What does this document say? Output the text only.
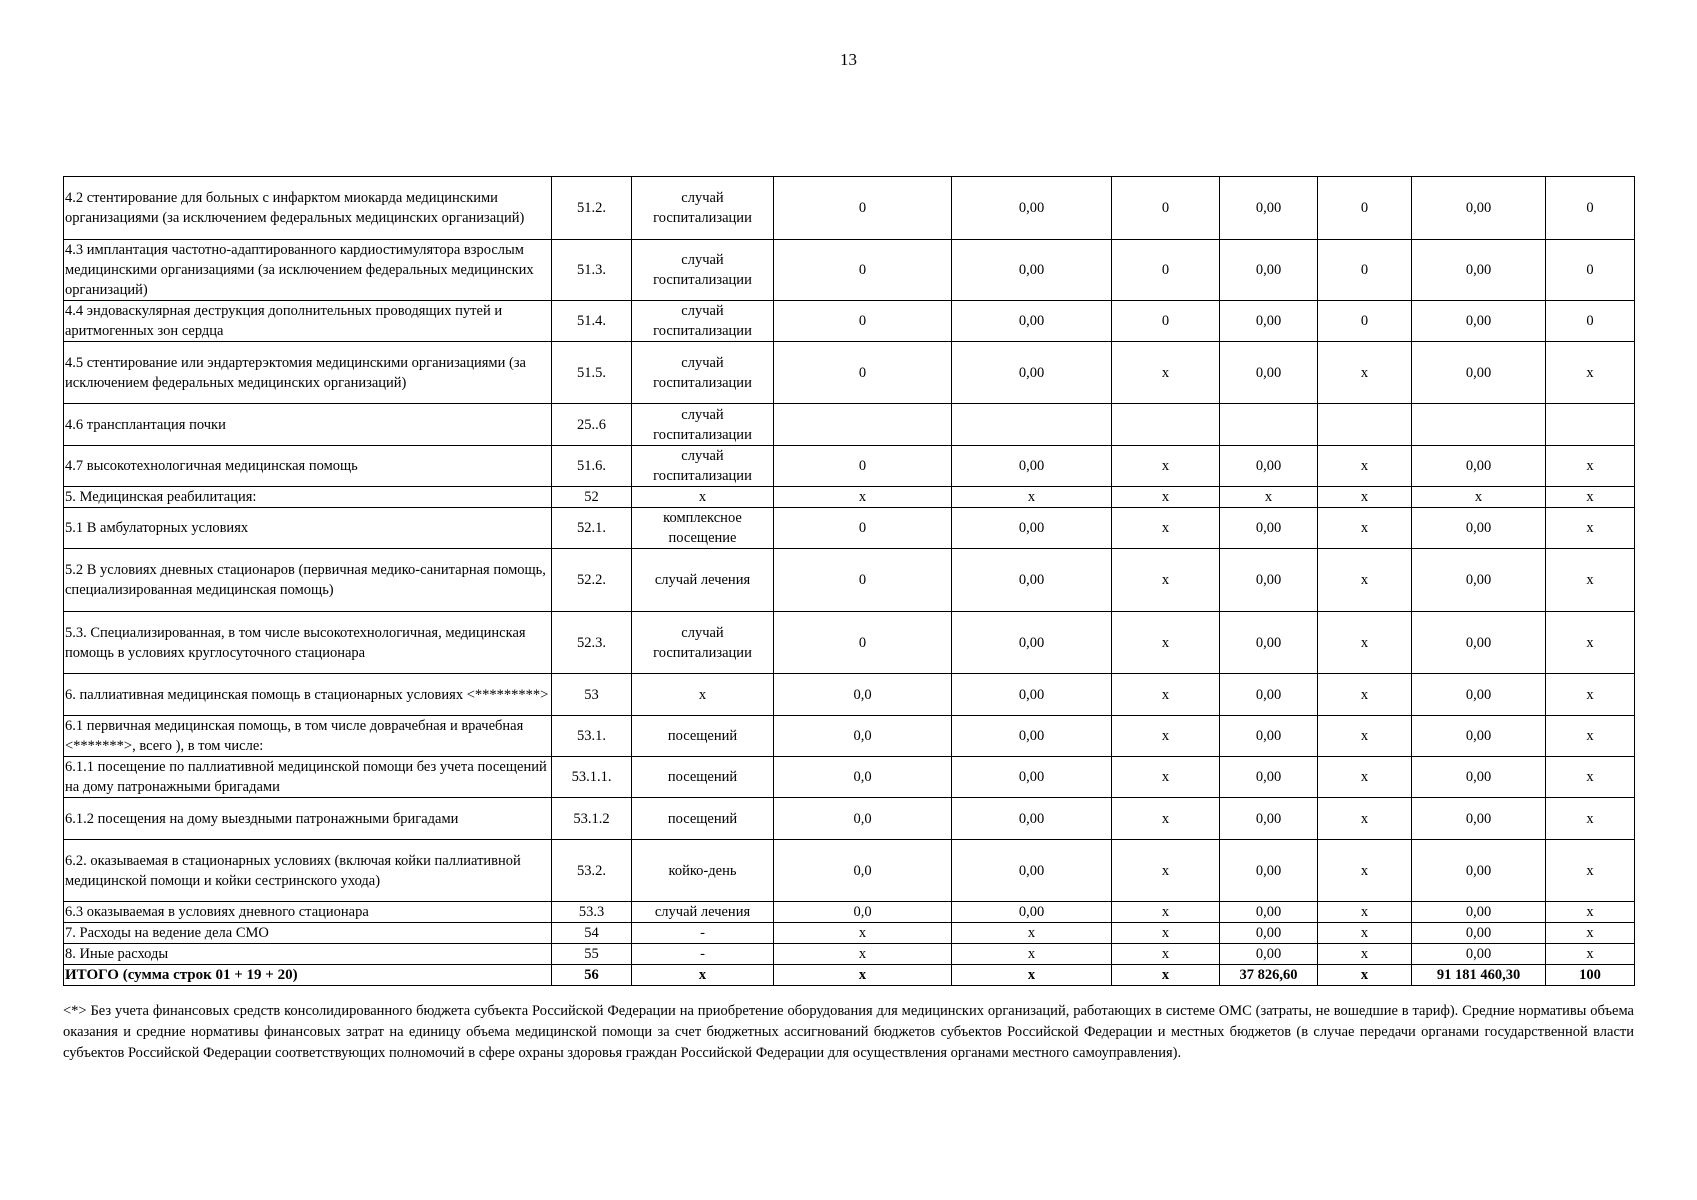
13
4.2 стентирование для больных с инфарктом миокарда медицинскими организациями (за исключением федеральных медицинских организаций)	51.2.	случай госпитализации	0	0,00	0	0,00	0	0,00	0
4.3 имплантация частотно-адаптированного кардиостимулятора взрослым медицинскими организациями (за исключением федеральных медицинских организаций)	51.3.	случай госпитализации	0	0,00	0	0,00	0	0,00	0
4.4 эндоваскулярная деструкция дополнительных проводящих путей и аритмогенных зон сердца	51.4.	случай госпитализации	0	0,00	0	0,00	0	0,00	0
4.5 стентирование или эндартерэктомия медицинскими организациями (за исключением федеральных медицинских организаций)	51.5.	случай госпитализации	0	0,00	х	0,00	х	0,00	х
4.6 трансплантация почки	25..6	случай госпитализации							
4.7 высокотехнологичная медицинская помощь	51.6.	случай госпитализации	0	0,00	х	0,00	х	0,00	х
5. Медицинская реабилитация:	52	х	х	х	х	х	х	х	х
5.1 В амбулаторных условиях	52.1.	комплексное посещение	0	0,00	х	0,00	х	0,00	х
5.2 В условиях дневных стационаров (первичная медико-санитарная помощь, специализированная медицинская помощь)	52.2.	случай лечения	0	0,00	х	0,00	х	0,00	х
5.3. Специализированная, в том числе высокотехнологичная, медицинская помощь в условиях круглосуточного стационара	52.3.	случай госпитализации	0	0,00	х	0,00	х	0,00	х
6. паллиативная медицинская помощь в стационарных условиях <*********>	53	х	0,0	0,00	х	0,00	х	0,00	х
6.1 первичная медицинская помощь, в том числе доврачебная и врачебная <*******>, всего ), в том числе:	53.1.	посещений	0,0	0,00	х	0,00	х	0,00	х
6.1.1 посещение по паллиативной медицинской помощи без учета посещений на дому патронажными бригадами	53.1.1.	посещений	0,0	0,00	х	0,00	х	0,00	х
6.1.2 посещения на дому выездными патронажными бригадами	53.1.2	посещений	0,0	0,00	х	0,00	х	0,00	х
6.2. оказываемая в стационарных условиях (включая койки паллиативной медицинской помощи и койки сестринского ухода)	53.2.	койко-день	0,0	0,00	х	0,00	х	0,00	х
6.3 оказываемая в условиях дневного стационара	53.3	случай лечения	0,0	0,00	х	0,00	х	0,00	х
7. Расходы на ведение дела СМО	54	-	х	х	х	0,00	х	0,00	х
8. Иные расходы	55	-	х	х	х	0,00	х	0,00	х
ИТОГО (сумма строк 01 + 19 + 20)	56	х	х	х	х	37 826,60	х	91 181 460,30	100
<*> Без учета финансовых средств консолидированного бюджета субъекта Российской Федерации на приобретение оборудования для медицинских организаций, работающих в системе ОМС (затраты, не вошедшие в тариф). Средние нормативы объема оказания и средние нормативы финансовых затрат на единицу объема медицинской помощи за счет бюджетных ассигнований бюджетов субъектов Российской Федерации и местных бюджетов (в случае передачи органами государственной власти субъектов Российской Федерации соответствующих полномочий в сфере охраны здоровья граждан Российской Федерации для осуществления органами местного самоуправления).
